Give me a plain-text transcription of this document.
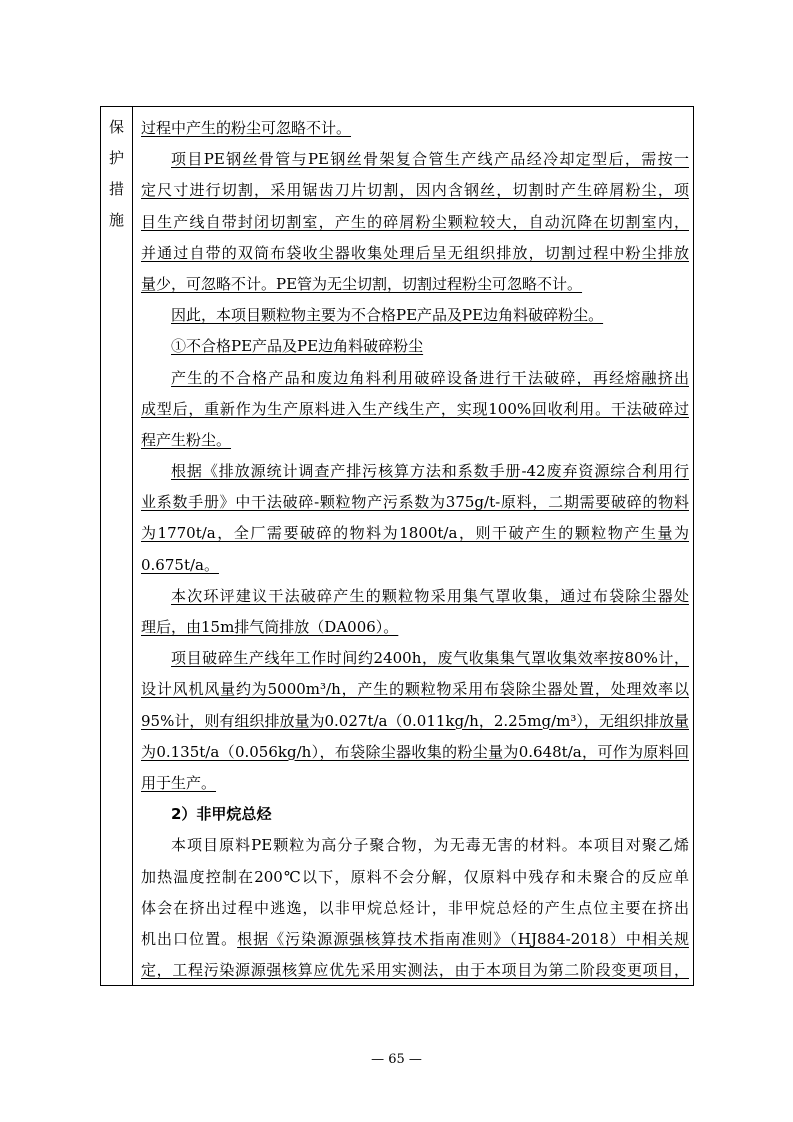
保
护
措
施
过程中产生的粉尘可忽略不计。
项目PE钢丝骨管与PE钢丝骨架复合管生产线产品经冷却定型后，需按一
定尺寸进行切割，采用锯齿刀片切割，因内含钢丝，切割时产生碎屑粉尘，项
目生产线自带封闭切割室，产生的碎屑粉尘颗粒较大，自动沉降在切割室内，
并通过自带的双筒布袋收尘器收集处理后呈无组织排放，切割过程中粉尘排放
量少，可忽略不计。PE管为无尘切割，切割过程粉尘可忽略不计。
因此，本项目颗粒物主要为不合格PE产品及PE边角料破碎粉尘。
①不合格PE产品及PE边角料破碎粉尘
产生的不合格产品和废边角料利用破碎设备进行干法破碎，再经熔融挤出
成型后，重新作为生产原料进入生产线生产，实现100%回收利用。干法破碎过
程产生粉尘。
根据《排放源统计调查产排污核算方法和系数手册-42废弃资源综合利用行
业系数手册》中干法破碎-颗粒物产污系数为375g/t-原料，二期需要破碎的物料
为1770t/a，全厂需要破碎的物料为1800t/a，则干破产生的颗粒物产生量为
0.675t/a。
本次环评建议干法破碎产生的颗粒物采用集气罩收集，通过布袋除尘器处
理后，由15m排气筒排放（DA006）。
项目破碎生产线年工作时间约2400h，废气收集集气罩收集效率按80%计，
设计风机风量约为5000m³/h，产生的颗粒物采用布袋除尘器处置，处理效率以
95%计，则有组织排放量为0.027t/a（0.011kg/h，2.25mg/m³），无组织排放量
为0.135t/a（0.056kg/h），布袋除尘器收集的粉尘量为0.648t/a，可作为原料回
用于生产。
2）非甲烷总烃
本项目原料PE颗粒为高分子聚合物，为无毒无害的材料。本项目对聚乙烯
加热温度控制在200℃以下，原料不会分解，仅原料中残存和未聚合的反应单
体会在挤出过程中逃逸，以非甲烷总烃计，非甲烷总烃的产生点位主要在挤出
机出口位置。根据《污染源源强核算技术指南准则》（HJ884-2018）中相关规
定，工程污染源源强核算应优先采用实测法，由于本项目为第二阶段变更项目，
— 65 —
